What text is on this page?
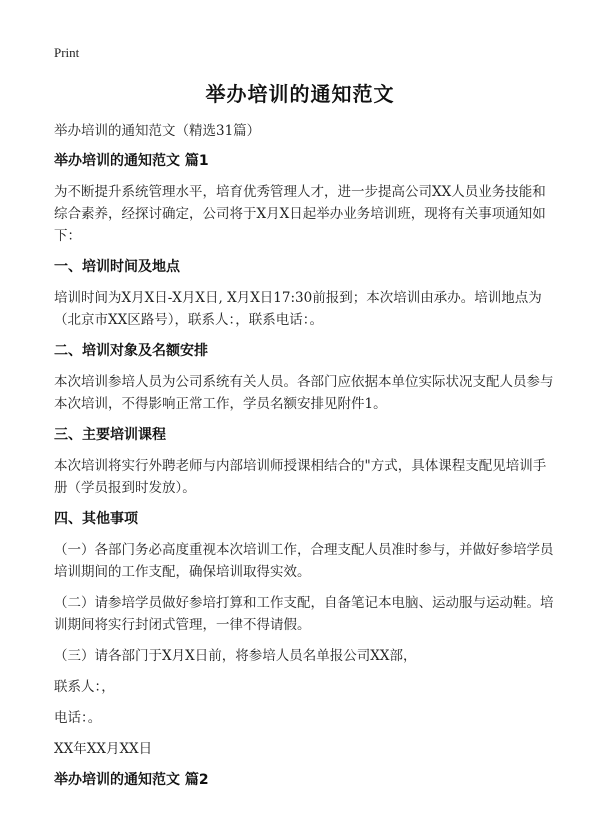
Print
举办培训的通知范文

举办培训的通知范文（精选31篇）

举办培训的通知范文 篇1

为不断提升系统管理水平，培育优秀管理人才，进一步提高公司XX人员业务技能和综合素养，经探讨确定，公司将于X月X日起举办业务培训班，现将有关事项通知如下：

一、培训时间及地点

培训时间为X月X日-X月X日, X月X日17:30前报到；本次培训由承办。培训地点为（北京市XX区路号），联系人：，联系电话：。

二、培训对象及名额安排

本次培训参培人员为公司系统有关人员。各部门应依据本单位实际状况支配人员参与本次培训，不得影响正常工作，学员名额安排见附件1。

三、主要培训课程

本次培训将实行外聘老师与内部培训师授课相结合的"方式，具体课程支配见培训手册（学员报到时发放）。

四、其他事项

（一）各部门务必高度重视本次培训工作，合理支配人员准时参与，并做好参培学员培训期间的工作支配，确保培训取得实效。

（二）请参培学员做好参培打算和工作支配，自备笔记本电脑、运动服与运动鞋。培训期间将实行封闭式管理，一律不得请假。

（三）请各部门于X月X日前，将参培人员名单报公司XX部，

联系人：，

电话：。

XX年XX月XX日

举办培训的通知范文 篇2
